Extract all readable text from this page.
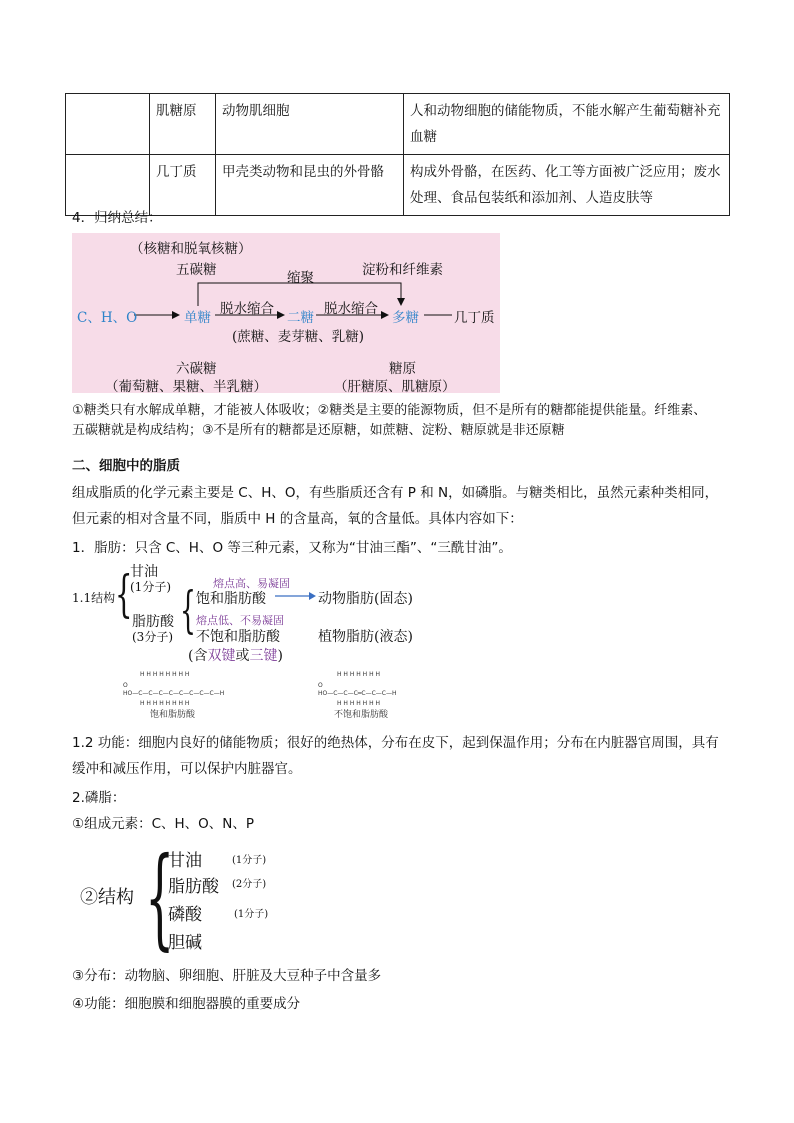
	肌糖原	动物肌细胞	人和动物细胞的储能物质，不能水解产生葡萄糖补充血糖
	几丁质	甲壳类动物和昆虫的外骨骼	构成外骨骼，在医药、化工等方面被广泛应用；废水处理、食品包装纸和添加剂、人造皮肤等
4．归纳总结：
（核糖和脱氧核糖）
五碳糖	缩聚	淀粉和纤维素
C、H、O	单糖
脱水缩合
二糖
脱水缩合
多糖	几丁质
(蔗糖、麦芽糖、乳糖)
六碳糖	糖原
（葡萄糖、果糖、半乳糖）	（肝糖原、肌糖原）
①糖类只有水解成单糖，才能被人体吸收；②糖类是主要的能源物质，但不是所有的糖都能提供能量。纤维素、五碳糖就是构成结构；③不是所有的糖都是还原糖，如蔗糖、淀粉、糖原就是非还原糖
二、细胞中的脂质
组成脂质的化学元素主要是 C、H、O，有些脂质还含有 P 和 N，如磷脂。与糖类相比，虽然元素种类相同，但元素的相对含量不同，脂质中 H 的含量高，氧的含量低。具体内容如下：
1．脂肪：只含 C、H、O 等三种元素，又称为“甘油三酯”、“三酰甘油”。
1.1结构 {
甘油
(1分子)
脂肪酸
(3分子) { 熔点高、易凝固
饱和脂肪酸	动物脂肪(固态)
熔点低、不易凝固
不饱和脂肪酸	植物脂肪(液态)
(含双键或三键)
H H H H H H H H
O
HO—C—C—C—C—C—C—C—C—H
H H H H H H H H
饱和脂肪酸
H H H H H H H
O
HO—C—C—C═C—C—C—H
H H H H H H H
不饱和脂肪酸
1.2 功能：细胞内良好的储能物质；很好的绝热体，分布在皮下，起到保温作用；分布在内脏器官周围，具有缓冲和减压作用，可以保护内脏器官。
2.磷脂：
①组成元素：C、H、O、N、P
②结构 {
甘油	(1分子)
脂肪酸 (2分子)
磷酸	(1分子)
胆碱
③分布：动物脑、卵细胞、肝脏及大豆种子中含量多
④功能：细胞膜和细胞器膜的重要成分
